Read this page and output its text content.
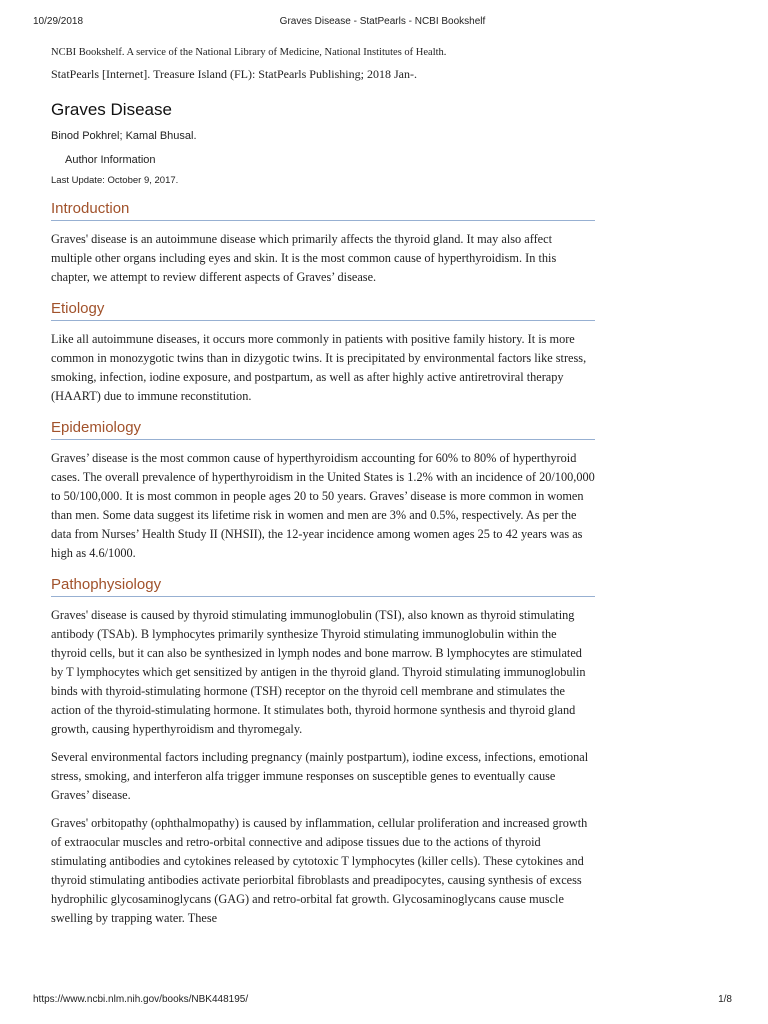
10/29/2018	Graves Disease - StatPearls - NCBI Bookshelf

NCBI Bookshelf. A service of the National Library of Medicine, National Institutes of Health.

StatPearls [Internet]. Treasure Island (FL): StatPearls Publishing; 2018 Jan-.

Graves Disease

Binod Pokhrel; Kamal Bhusal.

Author Information

Last Update: October 9, 2017.

Introduction

Graves' disease is an autoimmune disease which primarily affects the thyroid gland. It may also affect multiple other organs including eyes and skin. It is the most common cause of hyperthyroidism. In this chapter, we attempt to review different aspects of Graves’ disease.

Etiology

Like all autoimmune diseases, it occurs more commonly in patients with positive family history. It is more common in monozygotic twins than in dizygotic twins. It is precipitated by environmental factors like stress, smoking, infection, iodine exposure, and postpartum, as well as after highly active antiretroviral therapy (HAART) due to immune reconstitution.

Epidemiology

Graves’ disease is the most common cause of hyperthyroidism accounting for 60% to 80% of hyperthyroid cases. The overall prevalence of hyperthyroidism in the United States is 1.2% with an incidence of 20/100,000 to 50/100,000. It is most common in people ages 20 to 50 years. Graves’ disease is more common in women than men. Some data suggest its lifetime risk in women and men are 3% and 0.5%, respectively. As per the data from Nurses’ Health Study II (NHSII), the 12-year incidence among women ages 25 to 42 years was as high as 4.6/1000.

Pathophysiology

Graves' disease is caused by thyroid stimulating immunoglobulin (TSI), also known as thyroid stimulating antibody (TSAb). B lymphocytes primarily synthesize Thyroid stimulating immunoglobulin within the thyroid cells, but it can also be synthesized in lymph nodes and bone marrow. B lymphocytes are stimulated by T lymphocytes which get sensitized by antigen in the thyroid gland. Thyroid stimulating immunoglobulin binds with thyroid-stimulating hormone (TSH) receptor on the thyroid cell membrane and stimulates the action of the thyroid-stimulating hormone. It stimulates both, thyroid hormone synthesis and thyroid gland growth, causing hyperthyroidism and thyromegaly.

Several environmental factors including pregnancy (mainly postpartum), iodine excess, infections, emotional stress, smoking, and interferon alfa trigger immune responses on susceptible genes to eventually cause Graves’ disease.

Graves' orbitopathy (ophthalmopathy) is caused by inflammation, cellular proliferation and increased growth of extraocular muscles and retro-orbital connective and adipose tissues due to the actions of thyroid stimulating antibodies and cytokines released by cytotoxic T lymphocytes (killer cells). These cytokines and thyroid stimulating antibodies activate periorbital fibroblasts and preadipocytes, causing synthesis of excess hydrophilic glycosaminoglycans (GAG) and retro-orbital fat growth. Glycosaminoglycans cause muscle swelling by trapping water. These

https://www.ncbi.nlm.nih.gov/books/NBK448195/	1/8
